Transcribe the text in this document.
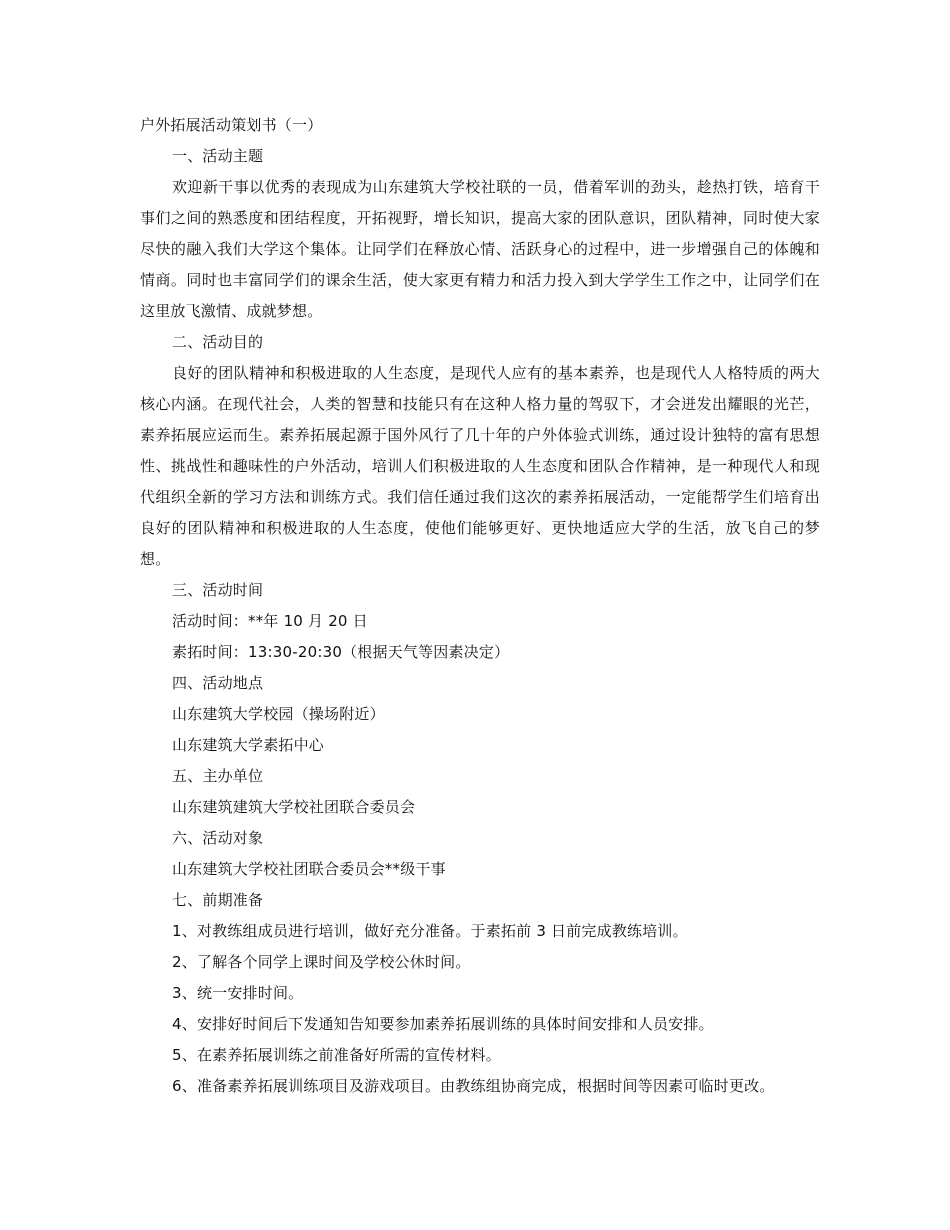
户外拓展活动策划书（一）
一、活动主题
欢迎新干事以优秀的表现成为山东建筑大学校社联的一员，借着军训的劲头，趁热打铁，培育干事们之间的熟悉度和团结程度，开拓视野，增长知识，提高大家的团队意识，团队精神，同时使大家尽快的融入我们大学这个集体。让同学们在释放心情、活跃身心的过程中，进一步增强自己的体魄和情商。同时也丰富同学们的课余生活，使大家更有精力和活力投入到大学学生工作之中，让同学们在这里放飞激情、成就梦想。
二、活动目的
良好的团队精神和积极进取的人生态度，是现代人应有的基本素养，也是现代人人格特质的两大核心内涵。在现代社会，人类的智慧和技能只有在这种人格力量的驾驭下，才会迸发出耀眼的光芒，素养拓展应运而生。素养拓展起源于国外风行了几十年的户外体验式训练，通过设计独特的富有思想性、挑战性和趣味性的户外活动，培训人们积极进取的人生态度和团队合作精神，是一种现代人和现代组织全新的学习方法和训练方式。我们信任通过我们这次的素养拓展活动，一定能帮学生们培育出良好的团队精神和积极进取的人生态度，使他们能够更好、更快地适应大学的生活，放飞自己的梦想。
三、活动时间
活动时间：**年 10 月 20 日
素拓时间：13:30-20:30（根据天气等因素决定）
四、活动地点
山东建筑大学校园（操场附近）
山东建筑大学素拓中心
五、主办单位
山东建筑建筑大学校社团联合委员会
六、活动对象
山东建筑大学校社团联合委员会**级干事
七、前期准备
1、对教练组成员进行培训，做好充分准备。于素拓前 3 日前完成教练培训。
2、了解各个同学上课时间及学校公休时间。
3、统一安排时间。
4、安排好时间后下发通知告知要参加素养拓展训练的具体时间安排和人员安排。
5、在素养拓展训练之前准备好所需的宣传材料。
6、准备素养拓展训练项目及游戏项目。由教练组协商完成，根据时间等因素可临时更改。
